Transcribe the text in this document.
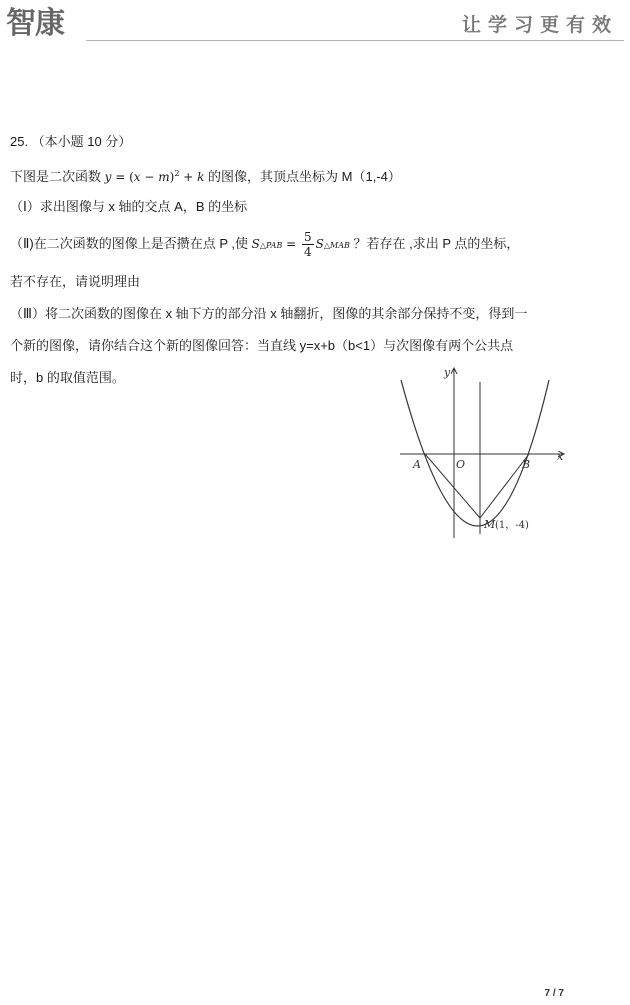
智康	让学习更有效
25. （本小题 10 分）
下图是二次函数 $y = (x - m)^2 + k$ 的图像，其顶点坐标为 M（1,-4）
（Ⅰ）求出图像与 x 轴的交点 A，B 的坐标
（Ⅱ)在二次函数的图像上是否攒在点 P ,使 S△PAB = $\frac{5}{4}$ S△MAB ？若存在 ,求出 P 点的坐标，
若不存在，请说明理由
（Ⅲ）将二次函数的图像在 x 轴下方的部分沿 x 轴翻折，图像的其余部分保持不变，得到一
个新的图像，请你结合这个新的图像回答：当直线 y=x+b（b<1）与次图像有两个公共点
时，b 的取值范围。	y
x
A	O	B
M (1，-4)
7 / 7
